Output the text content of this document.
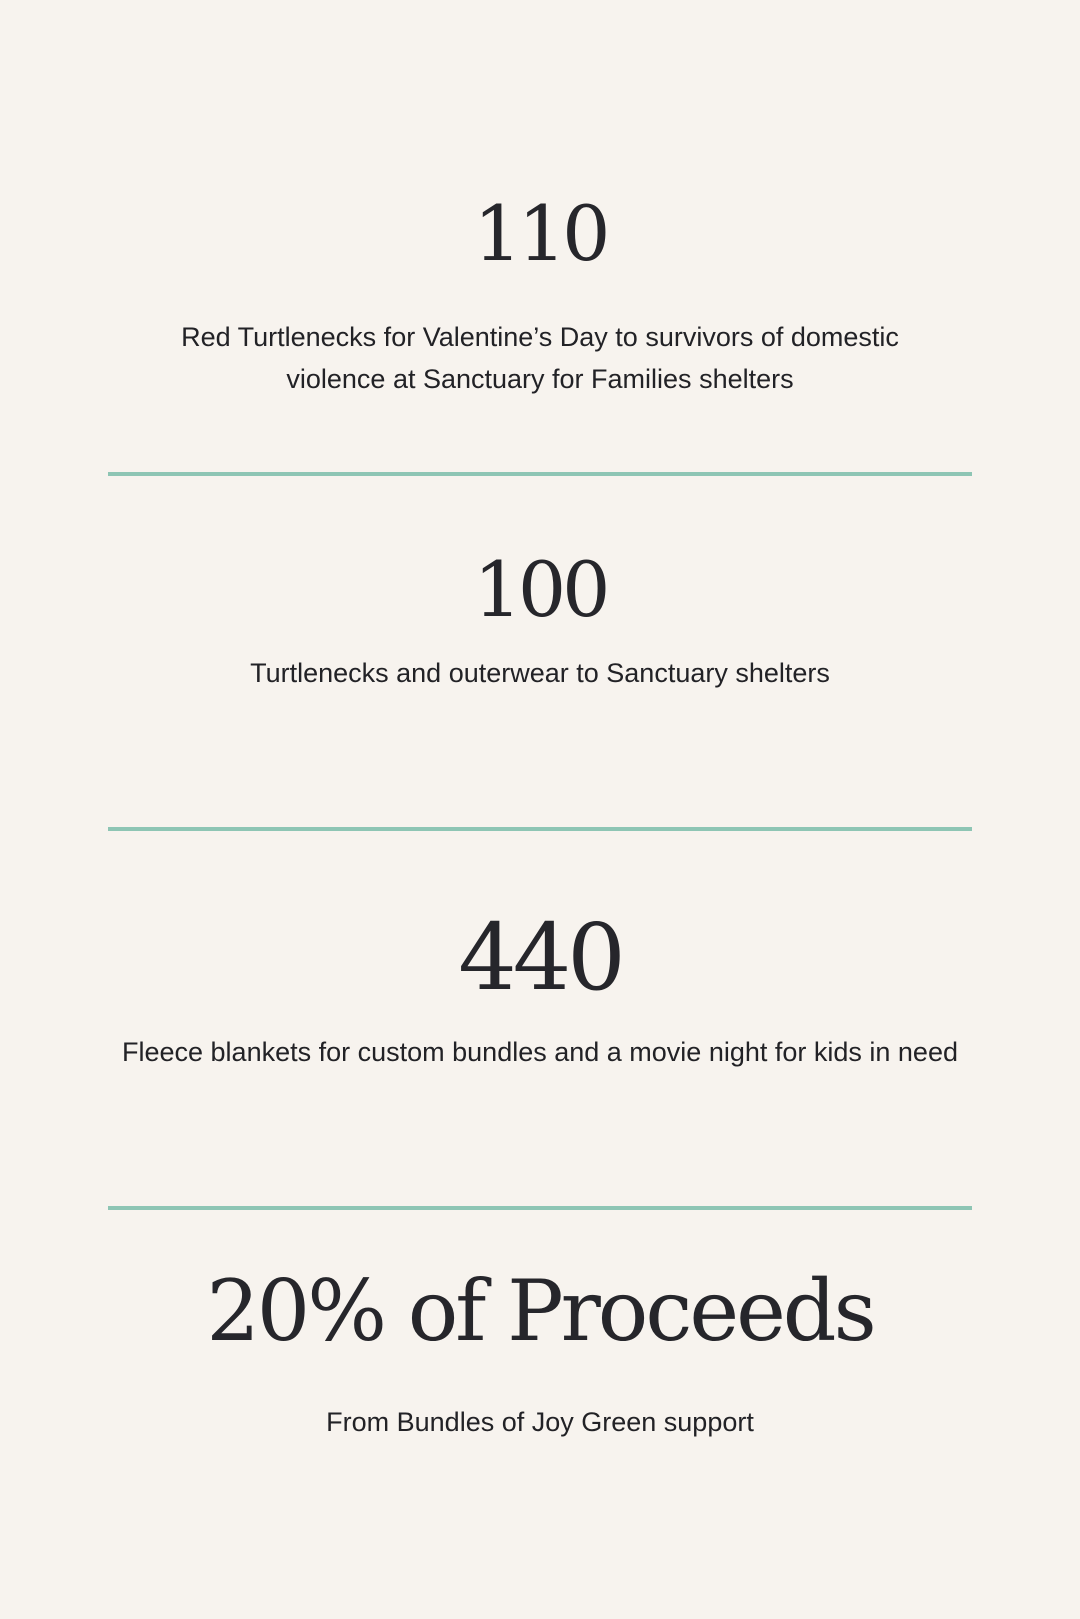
110

Red Turtlenecks for Valentine’s Day to survivors of domestic violence at Sanctuary for Families shelters

100

Turtlenecks and outerwear to Sanctuary shelters

440

Fleece blankets for custom bundles and a movie night for kids in need

20% of Proceeds

From Bundles of Joy Green support
